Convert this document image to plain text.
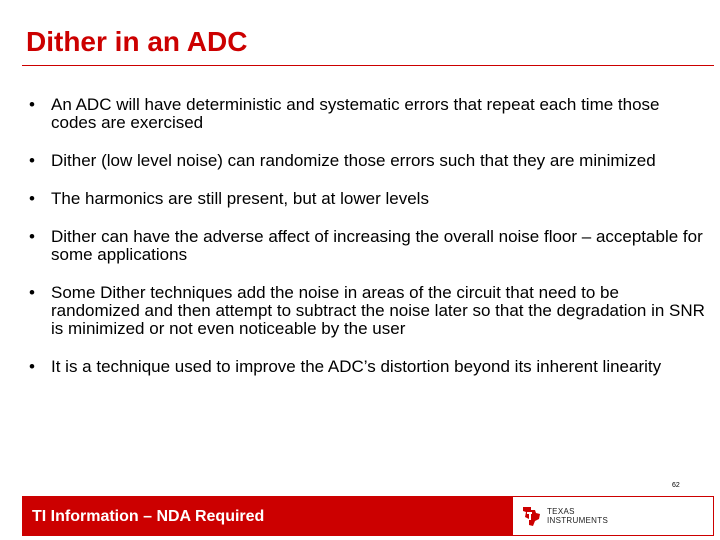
Dither in an ADC
• An ADC will have deterministic and systematic errors that repeat each time those codes are exercised
• Dither (low level noise) can randomize those errors such that they are minimized
• The harmonics are still present, but at lower levels
• Dither can have the adverse affect of increasing the overall noise floor – acceptable for some applications
• Some Dither techniques add the noise in areas of the circuit that need to be randomized and then attempt to subtract the noise later so that the degradation in SNR is minimized or not even noticeable by the user
• It is a technique used to improve the ADC’s distortion beyond its inherent linearity
62
TI Information – NDA Required	TEXAS
INSTRUMENTS
